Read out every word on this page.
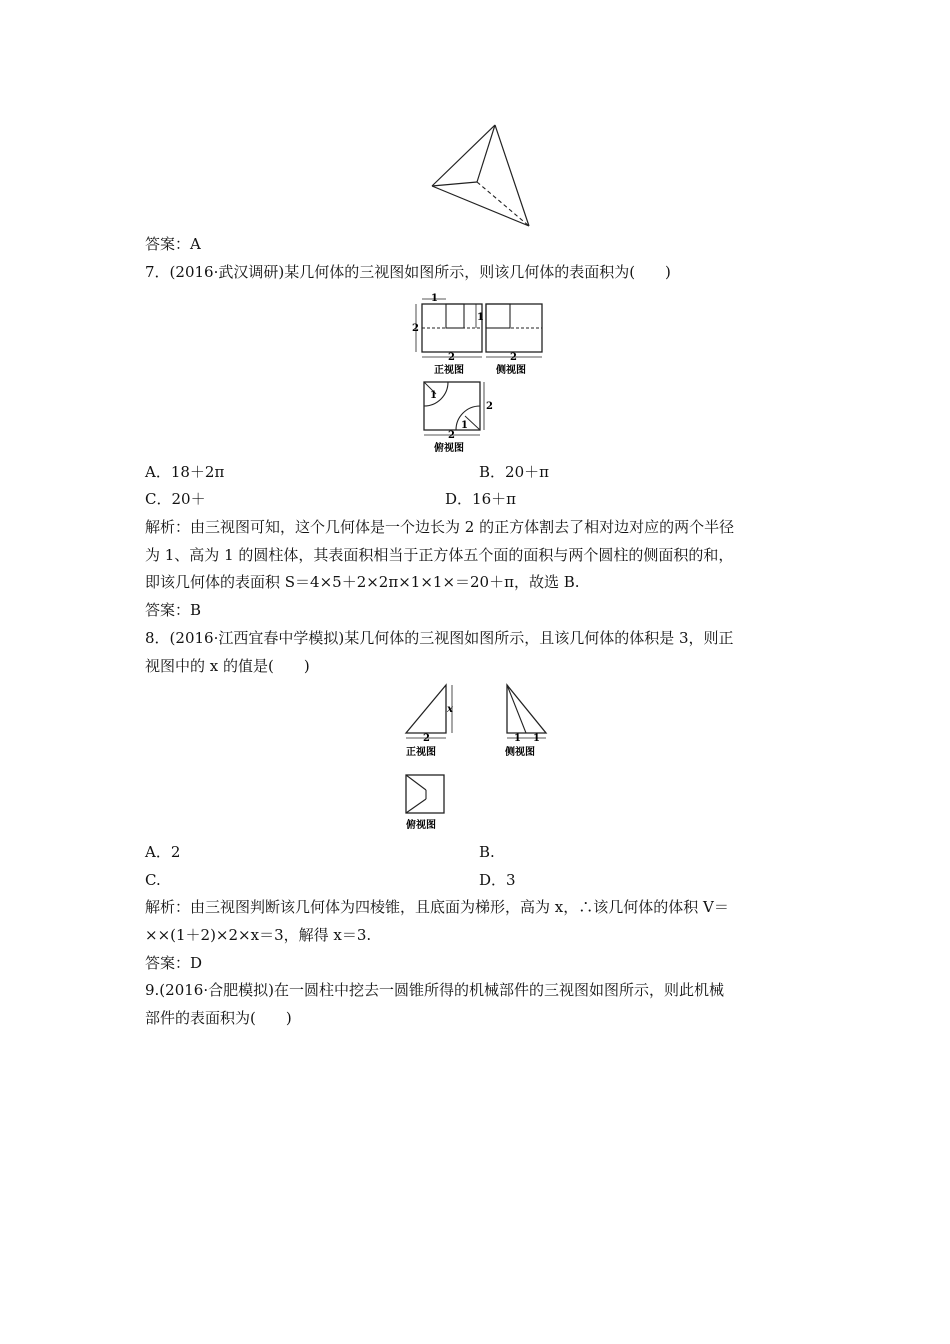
答案：A
7．(2016·武汉调研)某几何体的三视图如图所示，则该几何体的表面积为(　　)
1
2
1
2
正视图
2
侧视图
1
1
2
2
俯视图
A．18＋2π	B．20＋π
C．20＋	D．16＋π
解析：由三视图可知，这个几何体是一个边长为 2 的正方体割去了相对边对应的两个半径
为 1、高为 1 的圆柱体，其表面积相当于正方体五个面的面积与两个圆柱的侧面积的和，
即该几何体的表面积 S＝4×5＋2×2π×1×1×＝20＋π，故选 B.
答案：B
8．(2016·江西宜春中学模拟)某几何体的三视图如图所示，且该几何体的体积是 3，则正
视图中的 x 的值是(　　)
x
2
正视图
1 1
侧视图
俯视图
A．2	B.
C.	D．3
解析：由三视图判断该几何体为四棱锥，且底面为梯形，高为 x，∴该几何体的体积 V＝
××(1＋2)×2×x＝3，解得 x＝3.
答案：D
9.(2016·合肥模拟)在一圆柱中挖去一圆锥所得的机械部件的三视图如图所示，则此机械
部件的表面积为(　　)
